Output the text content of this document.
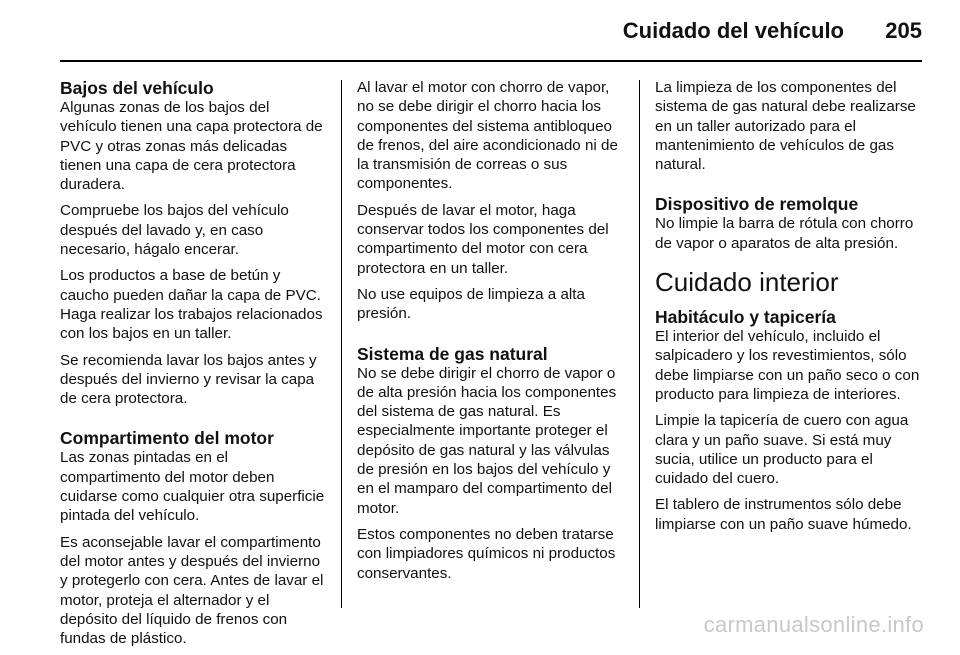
Cuidado del vehículo 205
Bajos del vehículo

Algunas zonas de los bajos del vehículo tienen una capa protectora de PVC y otras zonas más delicadas tienen una capa de cera protectora duradera.

Compruebe los bajos del vehículo después del lavado y, en caso necesario, hágalo encerar.

Los productos a base de betún y caucho pueden dañar la capa de PVC. Haga realizar los trabajos relacionados con los bajos en un taller.

Se recomienda lavar los bajos antes y después del invierno y revisar la capa de cera protectora.

Compartimento del motor

Las zonas pintadas en el compartimento del motor deben cuidarse como cualquier otra superficie pintada del vehículo.

Es aconsejable lavar el compartimento del motor antes y después del invierno y protegerlo con cera. Antes de lavar el motor, proteja el alternador y el depósito del líquido de frenos con fundas de plástico.

Al lavar el motor con chorro de vapor, no se debe dirigir el chorro hacia los componentes del sistema antibloqueo de frenos, del aire acondicionado ni de la transmisión de correas o sus componentes.

Después de lavar el motor, haga conservar todos los componentes del compartimento del motor con cera protectora en un taller.

No use equipos de limpieza a alta presión.

Sistema de gas natural

No se debe dirigir el chorro de vapor o de alta presión hacia los componentes del sistema de gas natural. Es especialmente importante proteger el depósito de gas natural y las válvulas de presión en los bajos del vehículo y en el mamparo del compartimento del motor.

Estos componentes no deben tratarse con limpiadores químicos ni productos conservantes.

La limpieza de los componentes del sistema de gas natural debe realizarse en un taller autorizado para el mantenimiento de vehículos de gas natural.

Dispositivo de remolque

No limpie la barra de rótula con chorro de vapor o aparatos de alta presión.

Cuidado interior
Habitáculo y tapicería

El interior del vehículo, incluido el salpicadero y los revestimientos, sólo debe limpiarse con un paño seco o con producto para limpieza de interiores.

Limpie la tapicería de cuero con agua clara y un paño suave. Si está muy sucia, utilice un producto para el cuidado del cuero.

El tablero de instrumentos sólo debe limpiarse con un paño suave húmedo.

carmanualsonline.info
